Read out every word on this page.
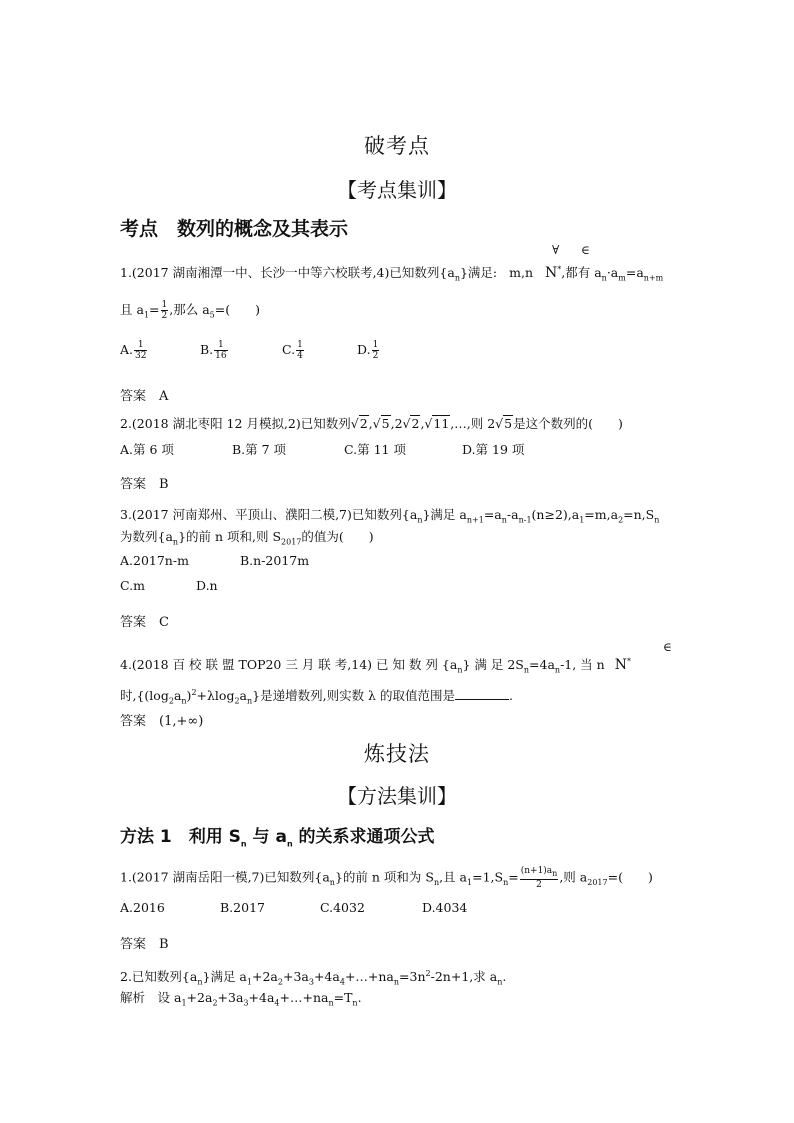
破考点
【考点集训】
考点　数列的概念及其表示
∀ ∈
1.(2017 湖南湘潭一中、长沙一中等六校联考,4)已知数列$\{a_n\}$满足: m,n N*,都有 $a_n\cdot a_m=a_{n+m}$
且 $a_1= \frac{1}{2}$ ,那么 $a_5=$(　　)
A. $\frac{1}{32}$	B. $\frac{1}{16}$	C. $\frac{1}{4}$	D. $\frac{1}{2}$
答案　 A
2.(2018 湖北枣阳 12 月模拟,2)已知数列√2,√5,2√2,√11,…,则 2√5是这个数列的(　　)
A.第 6 项	B.第 7 项	C.第 11 项	D.第 19 项
答案　 B
3.(2017 河南郑州、平顶山、濮阳二模,7)已知数列$\{a_n\}$满足 $a_{n+1}=a_n-a_{n-1}(n\ge 2),a_1=m,a_2=n,S_n$
为数列$\{a_n\}$的前 n 项和,则 $S_{2017}$的值为(　　)
A.2017n-m	B.n-2017m
C.m	D.n
答案　 C
∈
4.(2018 百 校 联 盟 TOP20 三 月 联 考,14) 已 知 数 列 $\{a_n\}$ 满 足 $2S_n=4a_n-1$, 当 n N*
时$,\{(\log_2a_n)^2+\lambda\log_2a_n\}$是递增数列,则实数 λ 的取值范围是	.
答案　 (1,+∞)
炼技法
【方法集训】
方法 1　利用 $S_n$ 与 $a_n$ 的关系求通项公式
1.(2017 湖南岳阳一模,7)已知数列$\{a_n\}$的前 n 项和为 $S_n$,且 $a_1=1,S_n= \frac{(n+1)a_n}{2}$ ,则 $a_{2017}=$(　　)
A.2016	B.2017	C.4032	D.4034
答案　 B
2.已知数列$\{a_n\}$满足 $a_1+2a_2+3a_3+4a_4+\dots+na_n=3n^2-2n+1$,求 $a_n$.
解析　设 $a_1+2a_2+3a_3+4a_4+\dots+na_n=T_n$.
